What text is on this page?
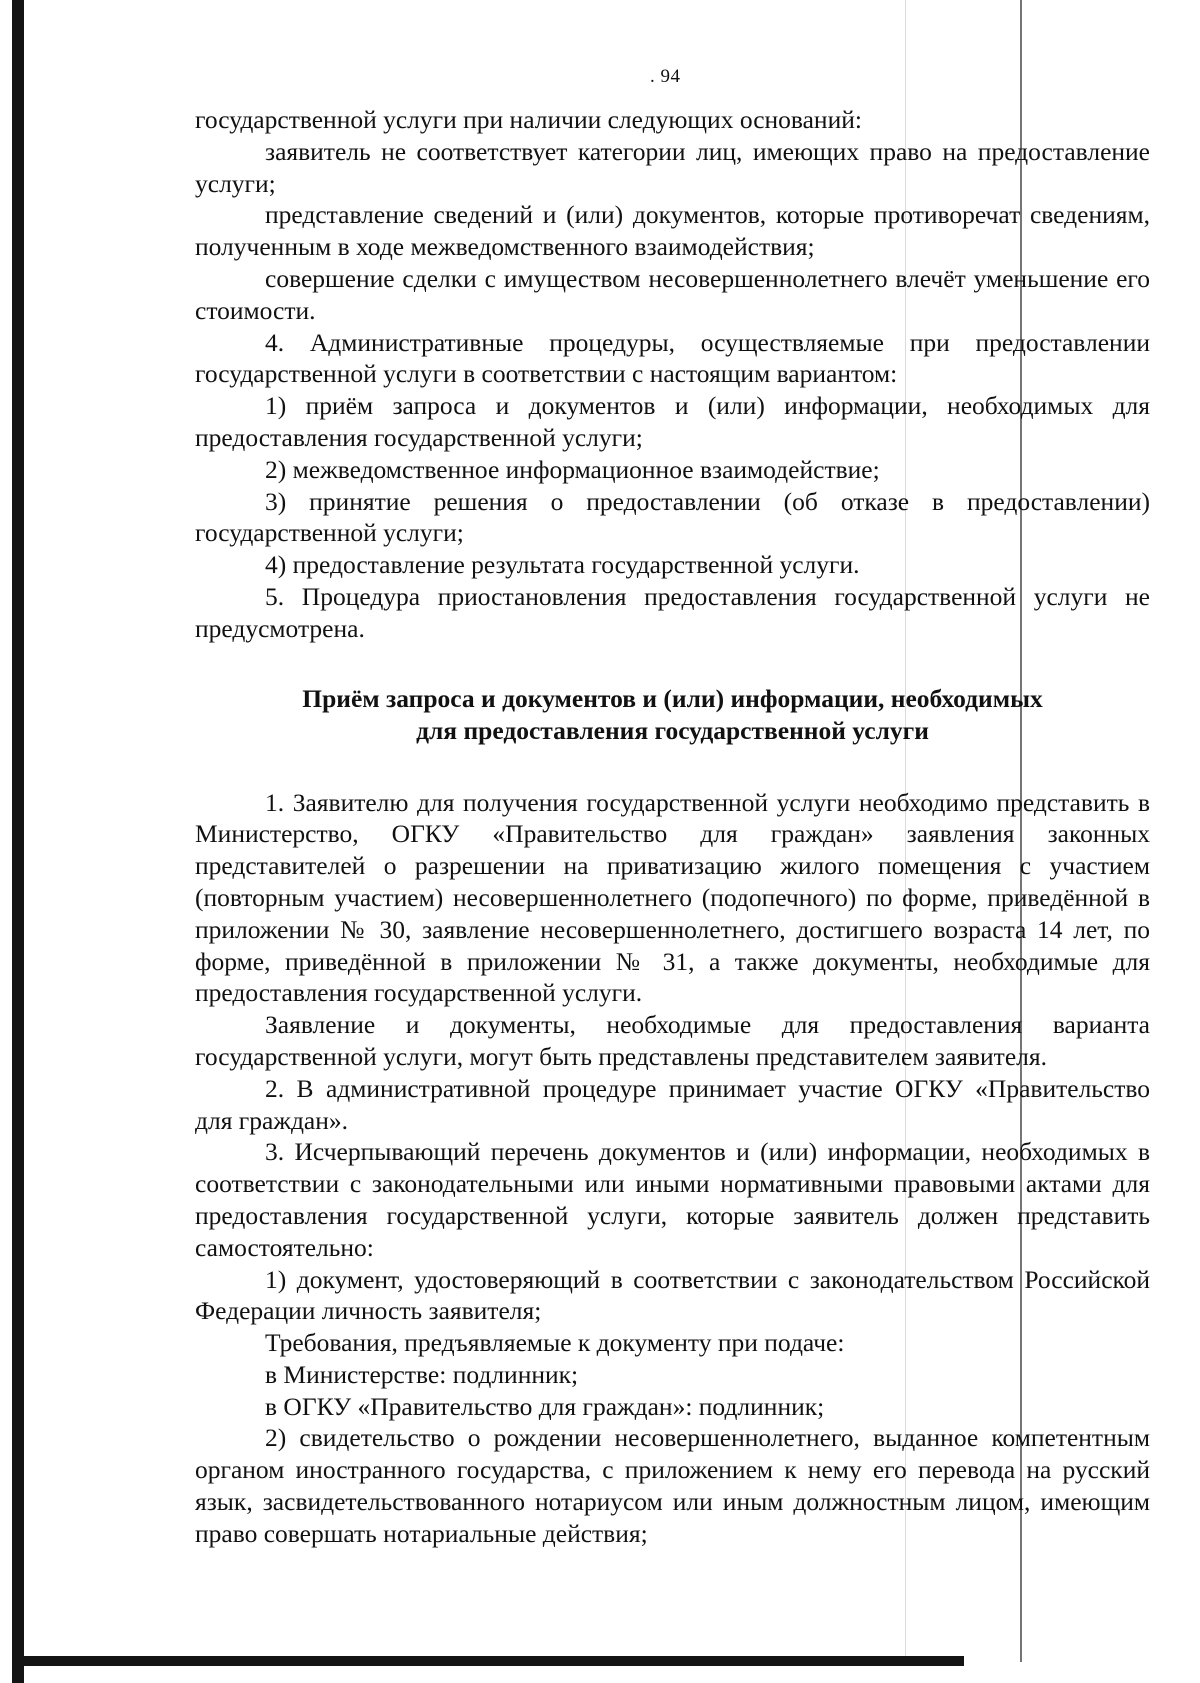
. 94

государственной услуги при наличии следующих оснований:

заявитель не соответствует категории лиц, имеющих право на предоставление услуги;

представление сведений и (или) документов, которые противоречат сведениям, полученным в ходе межведомственного взаимодействия;

совершение сделки с имуществом несовершеннолетнего влечёт уменьшение его стоимости.

4. Административные процедуры, осуществляемые при предоставлении государственной услуги в соответствии с настоящим вариантом:

1) приём запроса и документов и (или) информации, необходимых для предоставления государственной услуги;

2) межведомственное информационное взаимодействие;

3) принятие решения о предоставлении (об отказе в предоставлении) государственной услуги;

4) предоставление результата государственной услуги.

5. Процедура приостановления предоставления государственной услуги не предусмотрена.

Приём запроса и документов и (или) информации, необходимых
для предоставления государственной услуги

1. Заявителю для получения государственной услуги необходимо представить в Министерство, ОГКУ «Правительство для граждан» заявления законных представителей о разрешении на приватизацию жилого помещения с участием (повторным участием) несовершеннолетнего (подопечного) по форме, приведённой в приложении № 30, заявление несовершеннолетнего, достигшего возраста 14 лет, по форме, приведённой в приложении № 31, а также документы, необходимые для предоставления государственной услуги.

Заявление и документы, необходимые для предоставления варианта государственной услуги, могут быть представлены представителем заявителя.

2. В административной процедуре принимает участие ОГКУ «Правительство для граждан».

3. Исчерпывающий перечень документов и (или) информации, необходимых в соответствии с законодательными или иными нормативными правовыми актами для предоставления государственной услуги, которые заявитель должен представить самостоятельно:

1) документ, удостоверяющий в соответствии с законодательством Российской Федерации личность заявителя;

Требования, предъявляемые к документу при подаче:

в Министерстве: подлинник;

в ОГКУ «Правительство для граждан»: подлинник;

2) свидетельство о рождении несовершеннолетнего, выданное компетентным органом иностранного государства, с приложением к нему его перевода на русский язык, засвидетельствованного нотариусом или иным должностным лицом, имеющим право совершать нотариальные действия;
